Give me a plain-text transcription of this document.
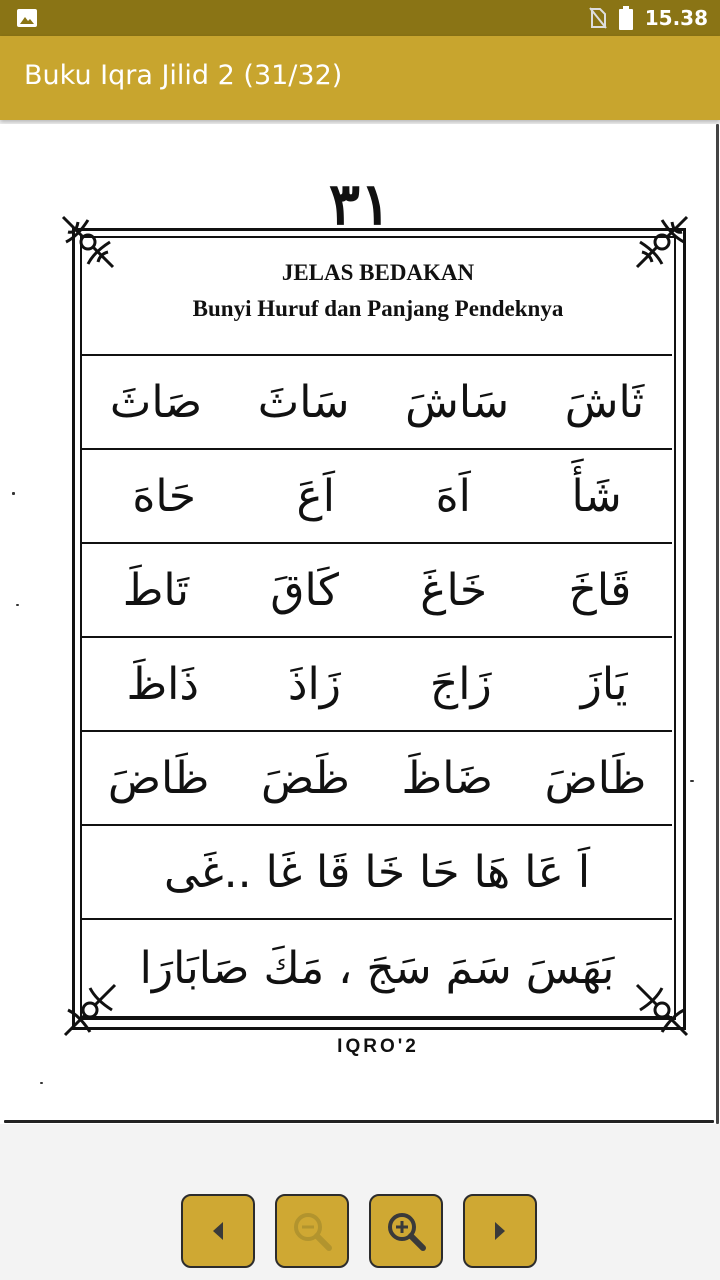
15.38
Buku Iqra Jilid 2 (31/32)
٣١
JELAS BEDAKAN
Bunyi Huruf dan Panjang Pendeknya
ثَاشَ
سَاشَ
سَاثَ
صَاثَ
شَأَ
اَهَ
اَعَ
حَاهَ
قَاخَ
خَاغَ
كَاقَ
تَاطَ
يَازَ
زَاجَ
زَاذَ
ذَاظَ
ظَاضَ
ضَاظَ
ظَضَ
ظَاضَ
اَ عَا هَا حَا خَا قَا غَا ..غَى
بَهَسَ سَمَ سَجَ ، مَكَ صَابَارَا
IQRO'2
